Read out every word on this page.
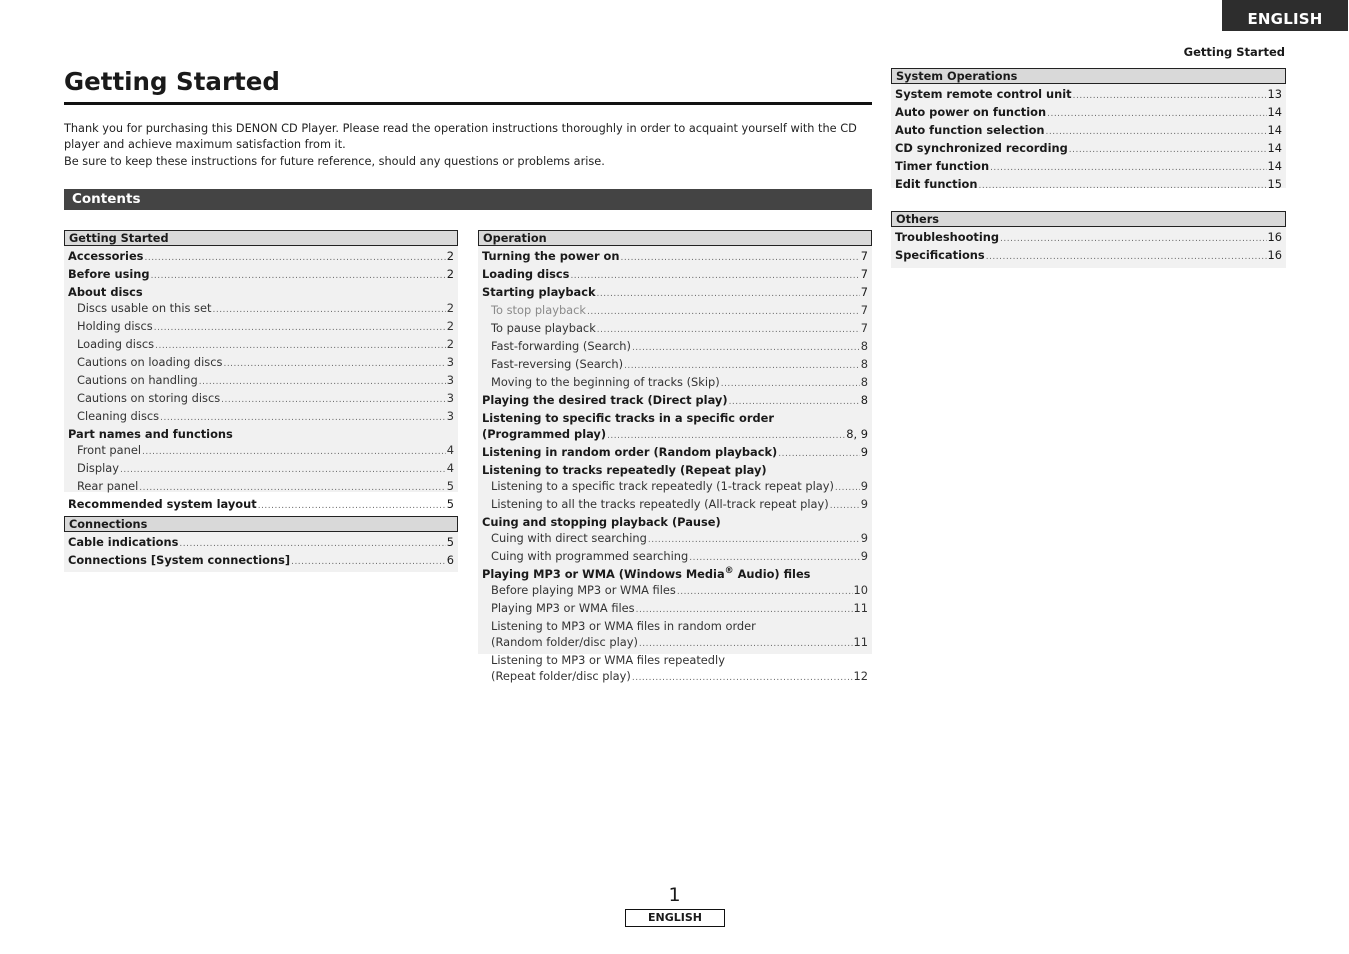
ENGLISH
Getting Started
Getting Started

Thank you for purchasing this DENON CD Player. Please read the operation instructions thoroughly in order to acquaint yourself with the CD player and achieve maximum satisfaction from it.

Be sure to keep these instructions for future reference, should any questions or problems arise.

Contents
Getting Started
Accessories .....	2
Before using .....	2
About discs
Discs usable on this set .....	2
Holding discs .....	2
Loading discs .....	2
Cautions on loading discs .....	3
Cautions on handling .....	3
Cautions on storing discs .....	3
Cleaning discs .....	3
Part names and functions
Front panel .....	4
Display .....	4
Rear panel .....	5
Recommended system layout .....	5
Connections
Cable indications .....	5
Connections [System connections] .....	6
Operation
Turning the power on .....	7
Loading discs .....	7
Starting playback .....	7
To stop playback .....	7
To pause playback .....	7
Fast-forwarding (Search) .....	8
Fast-reversing (Search) .....	8
Moving to the beginning of tracks (Skip) .....	8
Playing the desired track (Direct play) .....	8
Listening to specific tracks in a specific order
(Programmed play) .....	8, 9
Listening in random order (Random playback) .....	9
Listening to tracks repeatedly (Repeat play)
Listening to a specific track repeatedly (1-track repeat play) ..... 9
Listening to all the tracks repeatedly (All-track repeat play) .....	9
Cuing and stopping playback (Pause)
Cuing with direct searching .....	9
Cuing with programmed searching .....	9
Playing MP3 or WMA (Windows Media® Audio) files
Before playing MP3 or WMA files .....	10
Playing MP3 or WMA files .....	11
Listening to MP3 or WMA files in random order
(Random folder/disc play) .....	11
Listening to MP3 or WMA files repeatedly
(Repeat folder/disc play) .....	12
System Operations
System remote control unit .....	13
Auto power on function .....	14
Auto function selection .....	14
CD synchronized recording .....	14
Timer function .....	14
Edit function .....	15
Others
Troubleshooting .....	16
Specifications .....	16
1
ENGLISH
